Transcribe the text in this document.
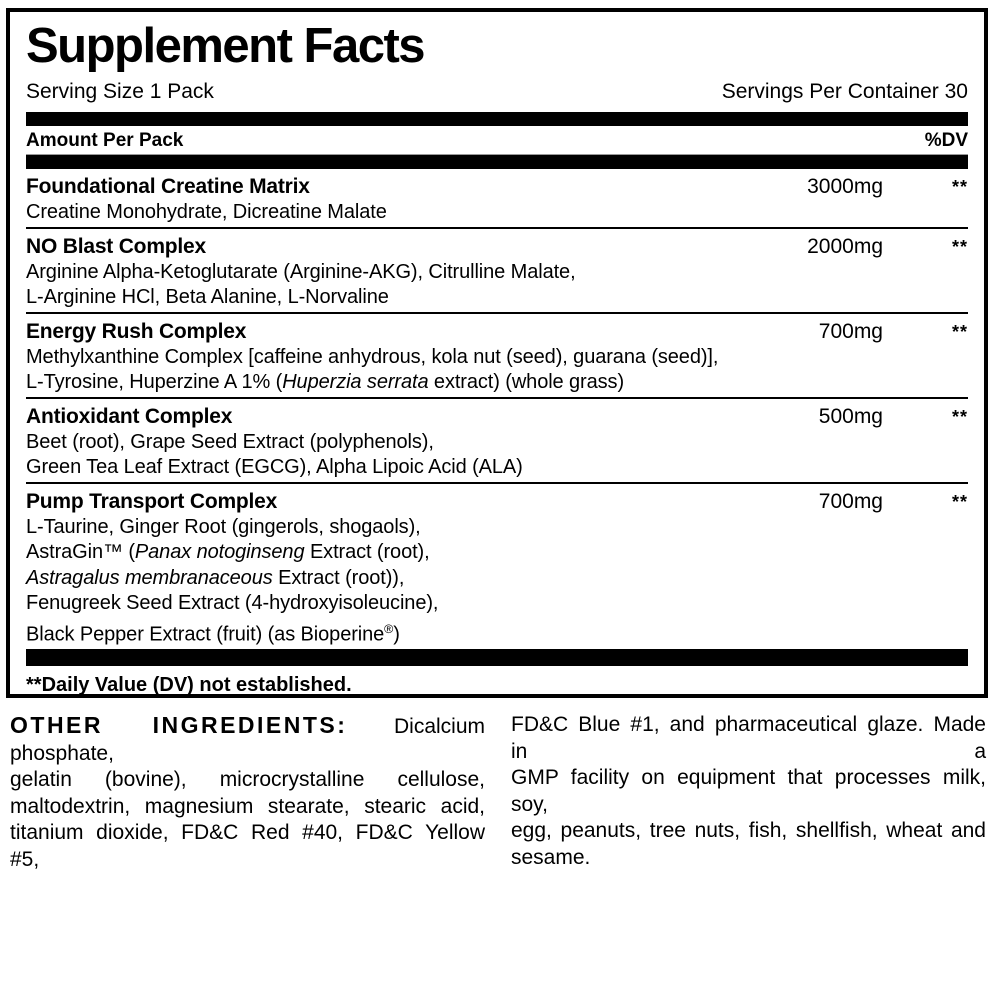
Supplement Facts
Serving Size 1 Pack	Servings Per Container 30
Amount Per Pack	%DV
Foundational Creatine Matrix	3000mg	**
Creatine Monohydrate, Dicreatine Malate
NO Blast Complex	2000mg	**
Arginine Alpha-Ketoglutarate (Arginine-AKG), Citrulline Malate,
L-Arginine HCl, Beta Alanine, L-Norvaline
Energy Rush Complex	700mg	**
Methylxanthine Complex [caffeine anhydrous, kola nut (seed), guarana (seed)],
L-Tyrosine, Huperzine A 1% (Huperzia serrata extract) (whole grass)
Antioxidant Complex	500mg	**
Beet (root), Grape Seed Extract (polyphenols),
Green Tea Leaf Extract (EGCG), Alpha Lipoic Acid (ALA)
Pump Transport Complex	700mg	**
L-Taurine, Ginger Root (gingerols, shogaols),
AstraGin™ (Panax notoginseng Extract (root),
Astragalus membranaceous Extract (root)),
Fenugreek Seed Extract (4-hydroxyisoleucine),
Black Pepper Extract (fruit) (as Bioperine®)
**Daily Value (DV) not established.
OTHER INGREDIENTS: Dicalcium phosphate,
gelatin (bovine), microcrystalline cellulose,
maltodextrin, magnesium stearate, stearic acid,
titanium dioxide, FD&C Red #40, FD&C Yellow #5,
FD&C Blue #1, and pharmaceutical glaze. Made in a
GMP facility on equipment that processes milk, soy,
egg, peanuts, tree nuts, fish, shellfish, wheat and
sesame.
